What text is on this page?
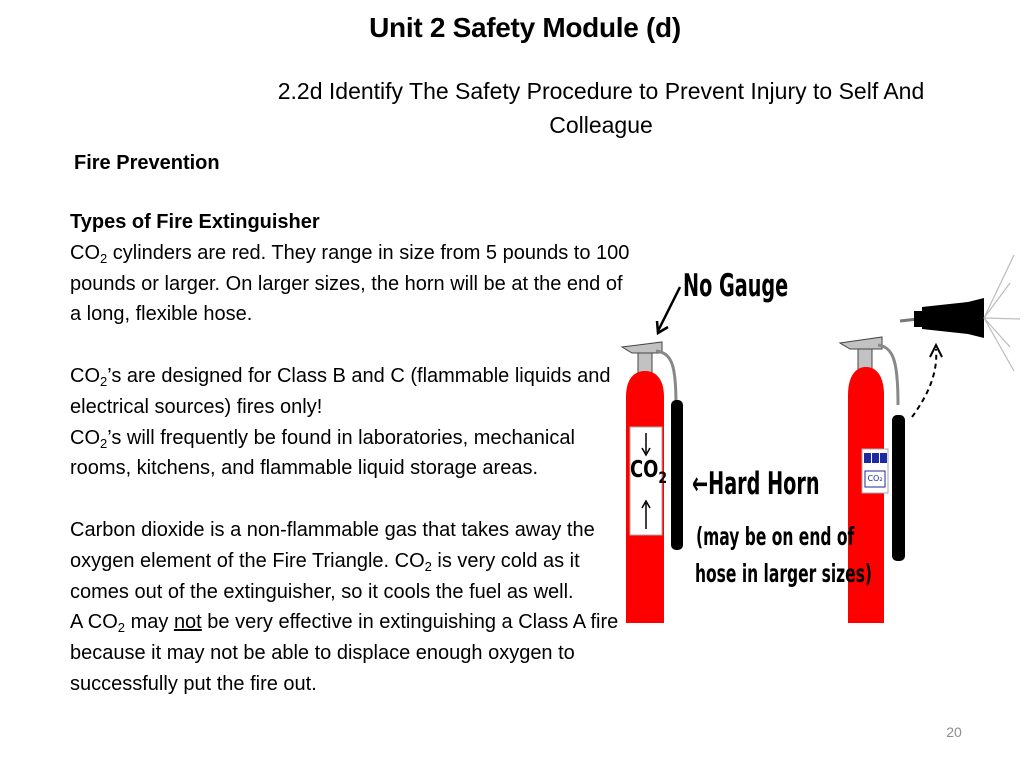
Unit 2 Safety Module (d)
2.2d Identify The Safety Procedure to Prevent Injury to Self And Colleague
Fire Prevention

Types of Fire Extinguisher

$CO_2$ cylinders are red. They range in size from 5 pounds to 100 pounds or larger. On larger sizes, the horn will be at the end of a long, flexible hose.

$CO_2’s$ are designed for Class B and C (flammable liquids and electrical sources) fires only!

$CO_2’s$ will frequently be found in laboratories, mechanical rooms, kitchens, and flammable liquid storage areas.

Carbon dioxide is a non-flammable gas that takes away the oxygen element of the Fire Triangle. $CO_2$ is very cold as it comes out of the extinguisher, so it cools the fuel as well.

A $CO_2$ may not be very effective in extinguishing a Class A fire because it may not be able to displace enough oxygen to successfully put the fire out.

No Gauge
←Hard Horn
(may be on end of
hose in larger sizes)
$CO_2$	CO₂
20
